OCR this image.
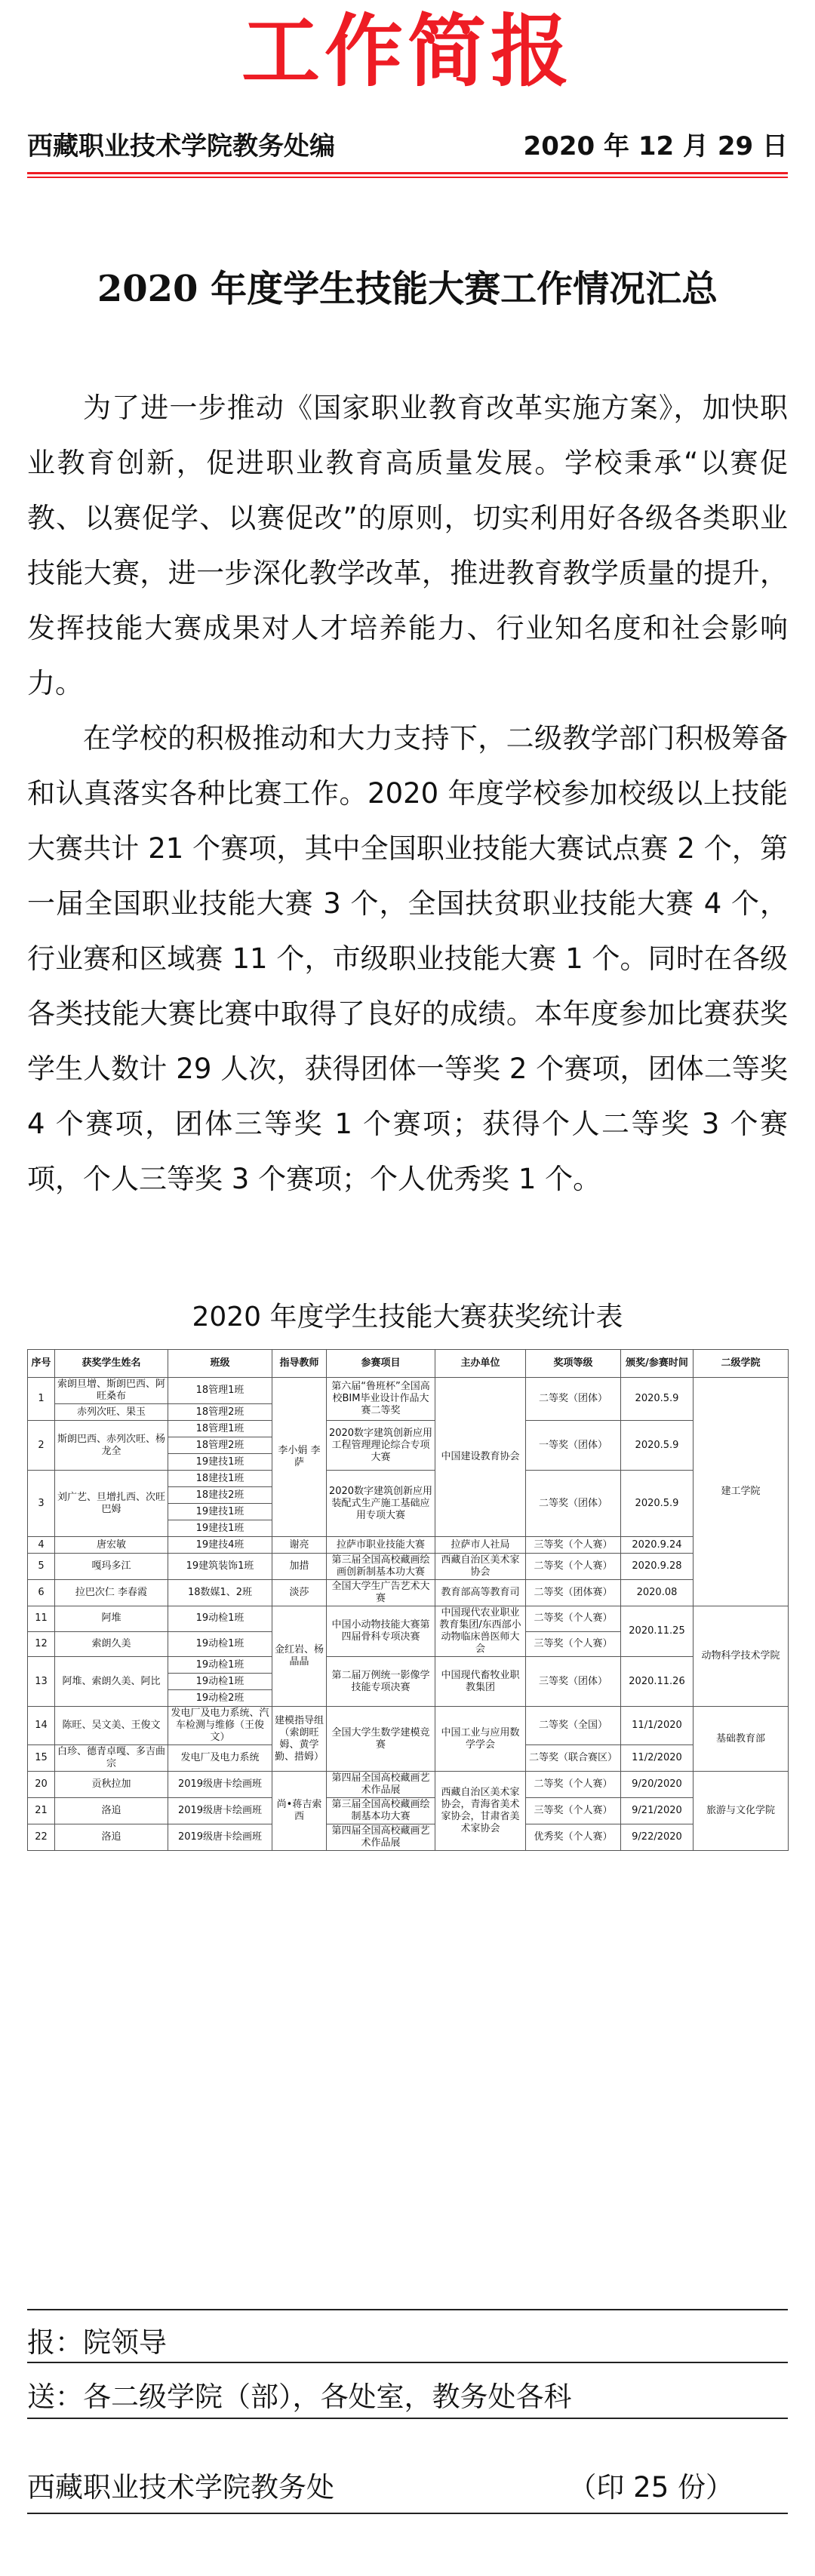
工作简报
西藏职业技术学院教务处编	2020 年 12 月 29 日
2020 年度学生技能大赛工作情况汇总

为了进一步推动《国家职业教育改革实施方案》，加快职业教育创新，促进职业教育高质量发展。学校秉承“以赛促教、以赛促学、以赛促改”的原则，切实利用好各级各类职业技能大赛，进一步深化教学改革，推进教育教学质量的提升，发挥技能大赛成果对人才培养能力、行业知名度和社会影响力。

在学校的积极推动和大力支持下，二级教学部门积极筹备和认真落实各种比赛工作。2020 年度学校参加校级以上技能大赛共计 21 个赛项，其中全国职业技能大赛试点赛 2 个，第一届全国职业技能大赛 3 个，全国扶贫职业技能大赛 4 个，行业赛和区域赛 11 个，市级职业技能大赛 1 个。同时在各级各类技能大赛比赛中取得了良好的成绩。本年度参加比赛获奖学生人数计 29 人次，获得团体一等奖 2 个赛项，团体二等奖 4 个赛项，团体三等奖 1 个赛项；获得个人二等奖 3 个赛项，个人三等奖 3 个赛项；个人优秀奖 1 个。

2020 年度学生技能大赛获奖统计表
序号	获奖学生姓名	班级	指导教师	参赛项目	主办单位	奖项等级	颁奖/参赛时间	二级学院
1	索朗旦增、斯朗巴西、阿旺桑布	18管理1班	李小娟 李萨	第六届“鲁班杯”全国高校BIM毕业设计作品大赛二等奖	中国建设教育协会	二等奖（团体）	2020.5.9	建工学院
	赤列次旺、果玉	18管理2班						
2	斯朗巴西、赤列次旺、杨龙全	18管理1班		2020数字建筑创新应用工程管理理论综合专项大赛		一等奖（团体）	2020.5.9	
		18管理2班						
		19建技1班						
3	刘广艺、旦增扎西、次旺巴姆	18建技1班		2020数字建筑创新应用装配式生产施工基础应用专项大赛		二等奖（团体）	2020.5.9	
		18建技2班						
		19建技1班						
		19建技1班						
4	唐宏敏	19建技4班	谢亮	拉萨市职业技能大赛	拉萨市人社局	三等奖（个人赛）	2020.9.24	
5	嘎玛多江	19建筑装饰1班	加措	第三届全国高校藏画绘画创新制基本功大赛	西藏自治区美术家协会	二等奖（个人赛）	2020.9.28	
6	拉巴次仁 李春霞	18数媒1、2班	淡莎	全国大学生广告艺术大赛	教育部高等教育司	二等奖（团体赛）	2020.08	
11	阿堆	19动检1班	金红岩、杨晶晶	中国小动物技能大赛第四届骨科专项决赛	中国现代农业职业教育集团/东西部小动物临床兽医师大会	二等奖（个人赛）	2020.11.25	动物科学技术学院
12	索朗久美	19动检1班				三等奖（个人赛）		
13	阿堆、索朗久美、阿比	19动检1班		第二届万例统一影像学技能专项决赛	中国现代畜牧业职教集团	三等奖（团体）	2020.11.26	
		19动检1班						
		19动检2班						
14	陈旺、吴文美、王俊文	发电厂及电力系统、汽车检测与维修（王俊文）	建模指导组（索朗旺姆、黄学勤、措姆）	全国大学生数学建模竞赛	中国工业与应用数学学会	二等奖（全国）	11/1/2020	基础教育部
15	白珍、德青卓嘎、多吉曲宗	发电厂及电力系统				二等奖（联合赛区）	11/2/2020	
20	贡秋拉加	2019级唐卡绘画班	尚•蒋吉索西	第四届全国高校藏画艺术作品展	西藏自治区美术家协会，青海省美术家协会，甘肃省美术家协会	二等奖（个人赛）	9/20/2020	旅游与文化学院
21	洛追	2019级唐卡绘画班		第三届全国高校藏画绘制基本功大赛		三等奖（个人赛）	9/21/2020	
22	洛追	2019级唐卡绘画班		第四届全国高校藏画艺术作品展		优秀奖（个人赛）	9/22/2020	
报：院领导
送：各二级学院（部），各处室，教务处各科
西藏职业技术学院教务处	（印 25 份）
